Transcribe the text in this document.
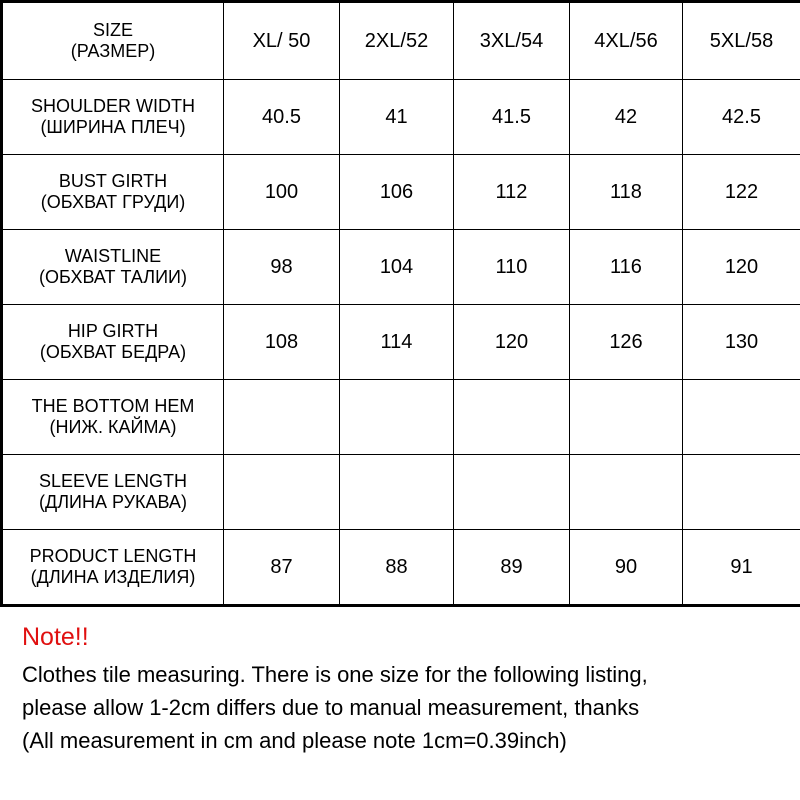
SIZE
(РАЗМЕР)	XL/ 50	2XL/52	3XL/54	4XL/56	5XL/58

SHOULDER WIDTH
(ШИРИНА ПЛЕЧ)	40.5	41	41.5	42	42.5

BUST GIRTH
(ОБХВАТ ГРУДИ)	100	106	112	118	122

WAISTLINE
(ОБХВАТ ТАЛИИ)	98	104	110	116	120

HIP GIRTH
(ОБХВАТ БЕДРА)	108	114	120	126	130

THE BOTTOM HEM
(НИЖ. КАЙМА)					

SLEEVE LENGTH
(ДЛИНА РУКАВА)					

PRODUCT LENGTH
(ДЛИНА ИЗДЕЛИЯ)	87	88	89	90	91

Note!!

Clothes tile measuring. There is one size for the following listing,

please allow 1-2cm differs due to manual measurement, thanks

(All measurement in cm and please note 1cm=0.39inch)
